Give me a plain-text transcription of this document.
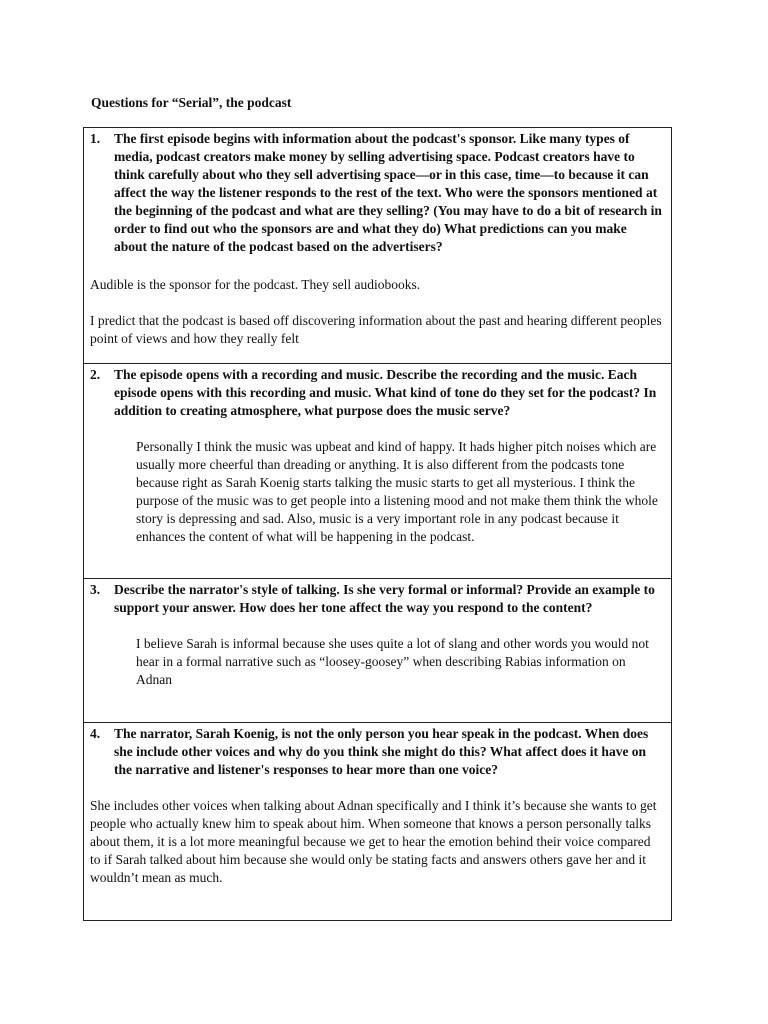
Questions for “Serial”, the podcast
1. The first episode begins with information about the podcast's sponsor. Like many types of media, podcast creators make money by selling advertising space. Podcast creators have to think carefully about who they sell advertising space—or in this case, time—to because it can affect the way the listener responds to the rest of the text. Who were the sponsors mentioned at the beginning of the podcast and what are they selling? (You may have to do a bit of research in order to find out who the sponsors are and what they do) What predictions can you make about the nature of the podcast based on the advertisers?

Audible is the sponsor for the podcast. They sell audiobooks.

I predict that the podcast is based off discovering information about the past and hearing different peoples point of views and how they really felt

2. The episode opens with a recording and music. Describe the recording and the music. Each episode opens with this recording and music. What kind of tone do they set for the podcast? In addition to creating atmosphere, what purpose does the music serve?

Personally I think the music was upbeat and kind of happy. It hads higher pitch noises which are usually more cheerful than dreading or anything. It is also different from the podcasts tone because right as Sarah Koenig starts talking the music starts to get all mysterious. I think the purpose of the music was to get people into a listening mood and not make them think the whole story is depressing and sad. Also, music is a very important role in any podcast because it enhances the content of what will be happening in the podcast.

3. Describe the narrator's style of talking. Is she very formal or informal? Provide an example to support your answer. How does her tone affect the way you respond to the content?

I believe Sarah is informal because she uses quite a lot of slang and other words you would not hear in a formal narrative such as “loosey-goosey” when describing Rabias information on Adnan

4. The narrator, Sarah Koenig, is not the only person you hear speak in the podcast. When does she include other voices and why do you think she might do this? What affect does it have on the narrative and listener's responses to hear more than one voice?

She includes other voices when talking about Adnan specifically and I think it’s because she wants to get people who actually knew him to speak about him. When someone that knows a person personally talks about them, it is a lot more meaningful because we get to hear the emotion behind their voice compared to if Sarah talked about him because she would only be stating facts and answers others gave her and it wouldn’t mean as much.
